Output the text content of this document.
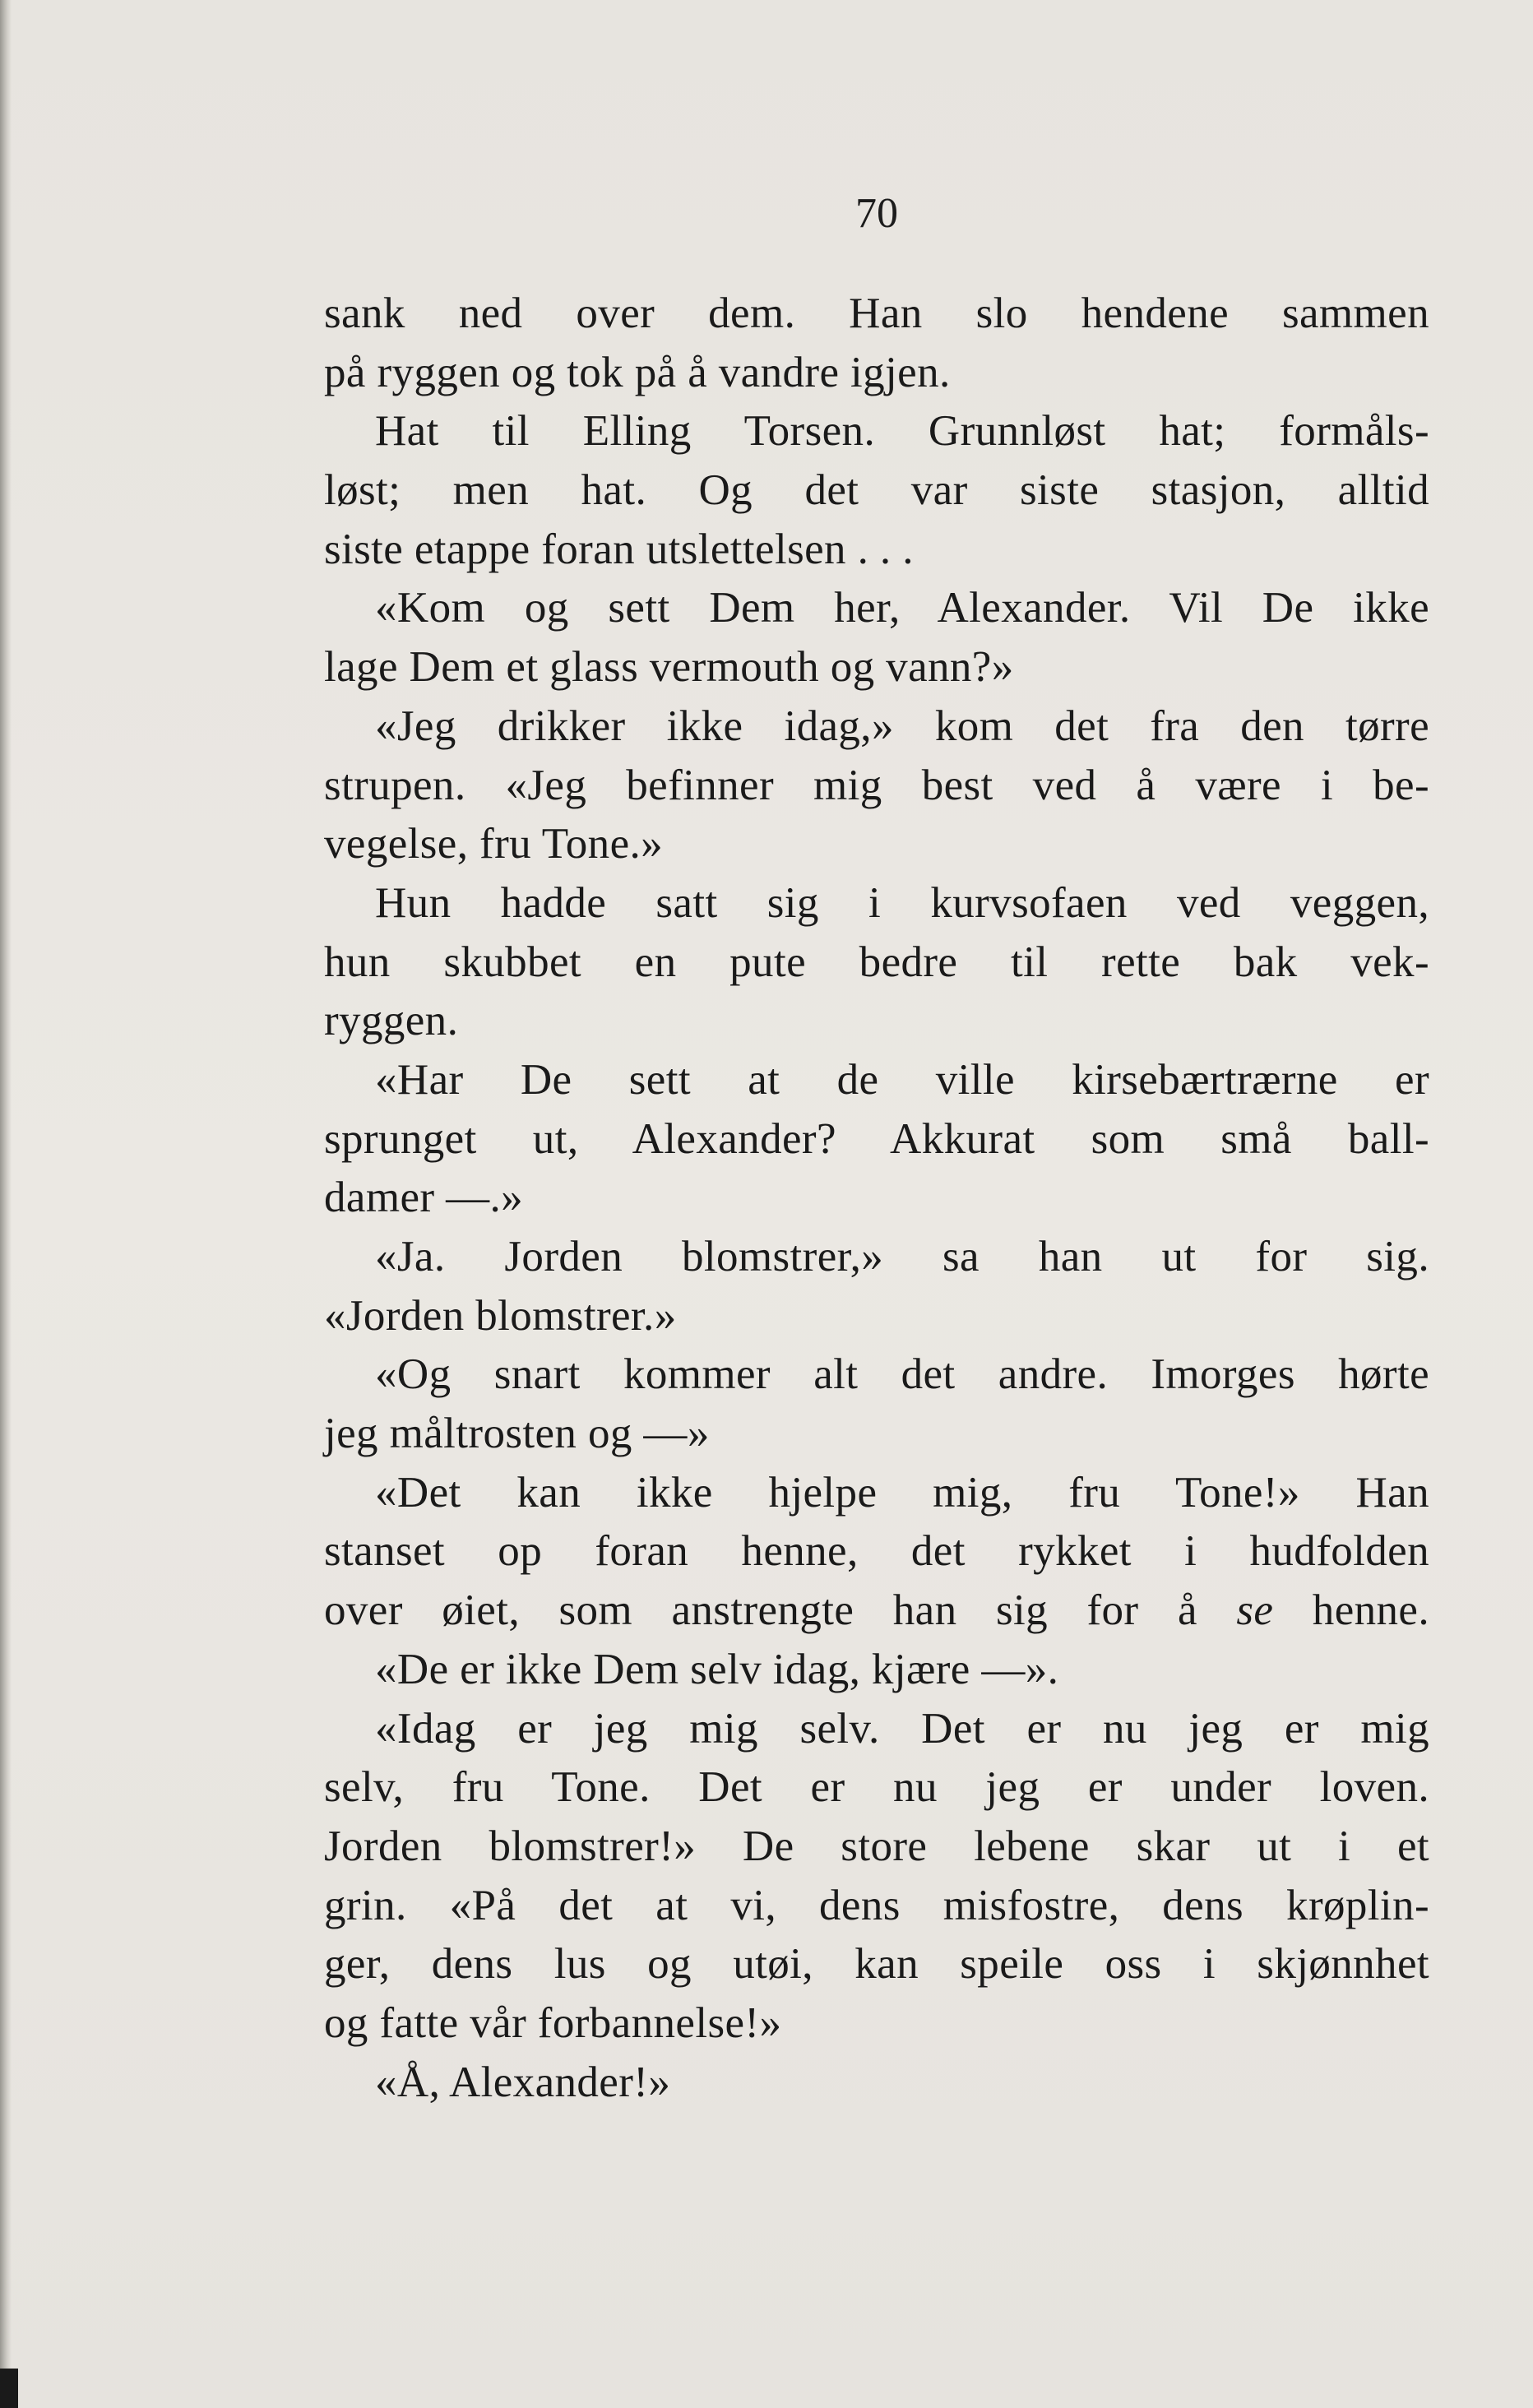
70
sank ned over dem. Han slo hendene sammen
på ryggen og tok på å vandre igjen.
Hat til Elling Torsen. Grunnløst hat; formåls-
løst; men hat. Og det var siste stasjon, alltid
siste etappe foran utslettelsen . . .
«Kom og sett Dem her, Alexander. Vil De ikke
lage Dem et glass vermouth og vann?»
«Jeg drikker ikke idag,» kom det fra den tørre
strupen. «Jeg befinner mig best ved å være i be-
vegelse, fru Tone.»
Hun hadde satt sig i kurvsofaen ved veggen,
hun skubbet en pute bedre til rette bak vek-
ryggen.
«Har De sett at de ville kirsebærtrærne er
sprunget ut, Alexander? Akkurat som små ball-
damer —.»
«Ja. Jorden blomstrer,» sa han ut for sig.
«Jorden blomstrer.»
«Og snart kommer alt det andre. Imorges hørte
jeg måltrosten og —»
«Det kan ikke hjelpe mig, fru Tone!» Han
stanset op foran henne, det rykket i hudfolden
over øiet, som anstrengte han sig for å se henne.
«De er ikke Dem selv idag, kjære —».
«Idag er jeg mig selv. Det er nu jeg er mig
selv, fru Tone. Det er nu jeg er under loven.
Jorden blomstrer!» De store lebene skar ut i et
grin. «På det at vi, dens misfostre, dens krøplin-
ger, dens lus og utøi, kan speile oss i skjønnhet
og fatte vår forbannelse!»
«Å, Alexander!»
